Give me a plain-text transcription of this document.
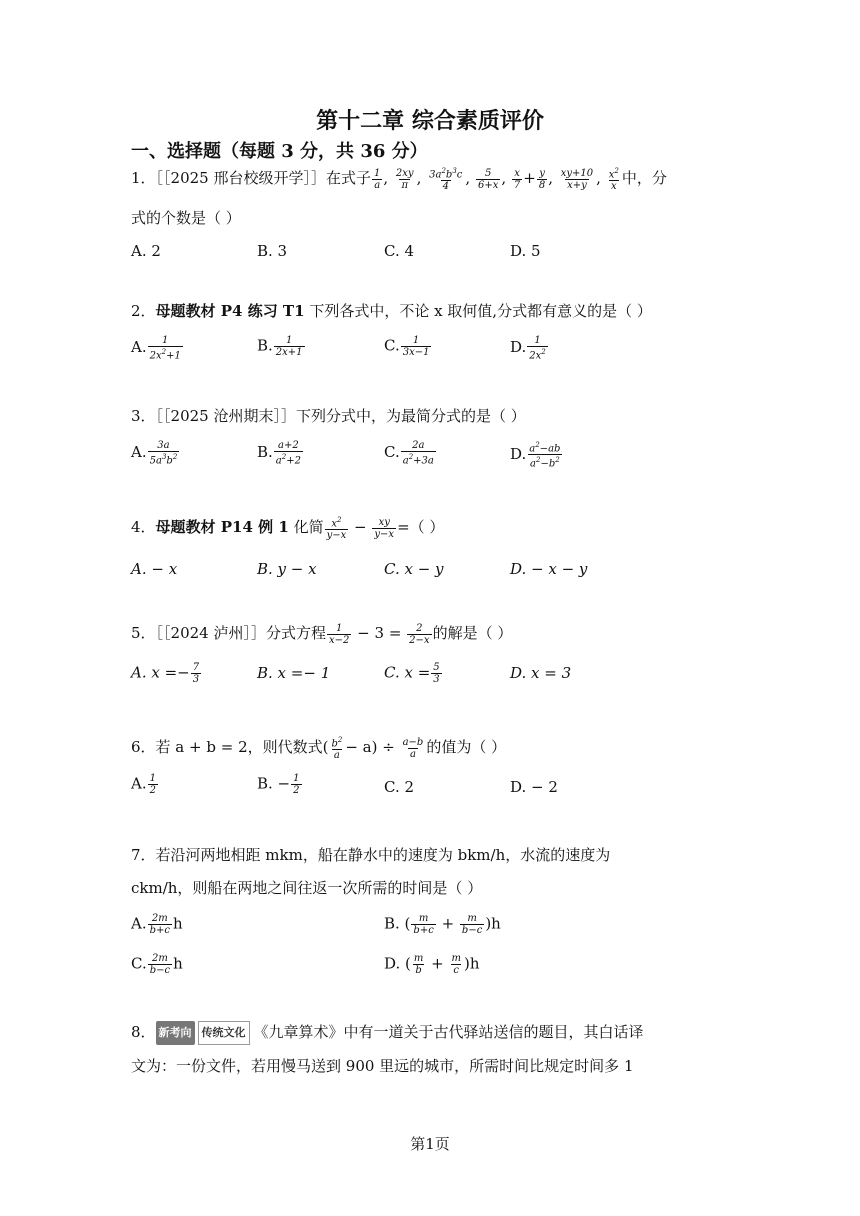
第十二章 综合素质评价
一、选择题（每题 3 分，共 36 分）
1．［［2025 邢台校级开学］］在式子 $\frac{1}{a}$ , $\frac{2xy}{\pi}$ , $\frac{3a^2b^3c}{4}$ , $\frac{5}{6+x}$ , $\frac{x}{7} + \frac{y}{8}$ , $\frac{xy+10}{x+y}$ , $\frac{x^2}{x}$ 中，分
式的个数是（ ）
A. 2	B. 3	C. 4	D. 5
2．母题教材 P4 练习 T1 下列各式中，不论 x 取何值,分式都有意义的是（ ）
A. $\frac{1}{2x^2+1}$	B. $\frac{1}{2x+1}$	C. $\frac{1}{3x-1}$	D. $\frac{1}{2x^2}$
3．［［2025 沧州期末］］下列分式中，为最简分式的是（ ）
A. $\frac{3a}{5a^3b^2}$	B. $\frac{a+2}{a^2+2}$	C. $\frac{2a}{a^2+3a}$	D. $\frac{a^2-ab}{a^2-b^2}$
4．母题教材 P14 例 1 化简 $\frac{x^2}{y-x} - \frac{xy}{y-x}$ =（ ）
A. − x	B. y − x	C. x − y	D. − x − y
5．［［2024 泸州］］分式方程 $\frac{1}{x-2} - 3 = \frac{2}{2-x}$ 的解是（ ）
A. $x =- \frac{7}{3}$	B. x =− 1	C. $x = \frac{5}{3}$	D. x = 3
6．若 a + b = 2，则代数式( $\frac{b^2}{a} - a) \div \frac{a-b}{a}$ 的值为（ ）
A. $\frac{1}{2}$	B. − $\frac{1}{2}$	C. 2	D. − 2
7．若沿河两地相距 mkm，船在静水中的速度为 bkm/h，水流的速度为
ckm/h，则船在两地之间往返一次所需的时间是（ ）
A. $\frac{2m}{b+c}$ h	B. ( $\frac{m}{b+c} + \frac{m}{b-c} )h$
C. $\frac{2m}{b-c}$ h	D. ( $\frac{m}{b} + \frac{m}{c} )h$
8． 新考向 传统文化 《九章算术》中有一道关于古代驿站送信的题目，其白话译
文为：一份文件，若用慢马送到 900 里远的城市，所需时间比规定时间多 1
第1页
